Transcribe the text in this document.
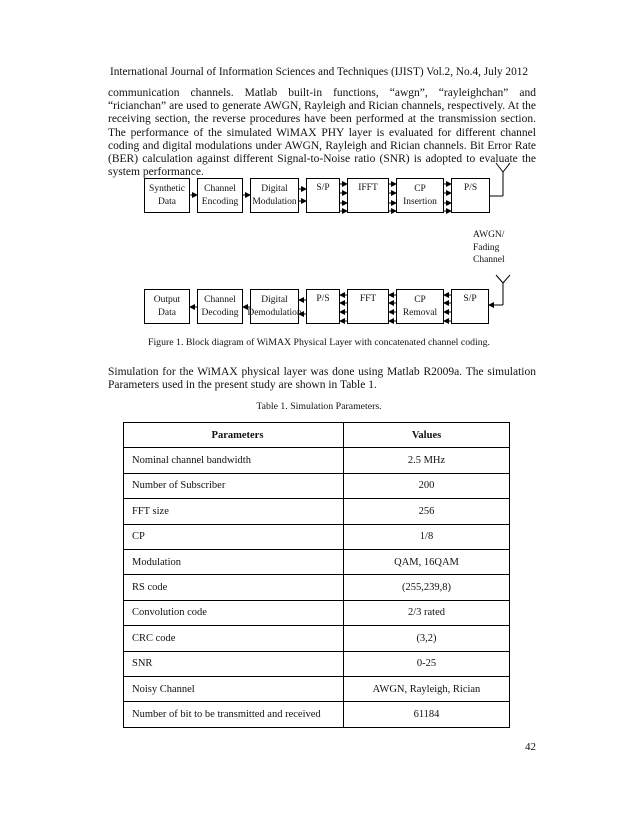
International Journal of Information Sciences and Techniques (IJIST) Vol.2, No.4, July 2012

communication channels. Matlab built-in functions, “awgn”, “rayleighchan” and “ricianchan” are used to generate AWGN, Rayleigh and Rician channels, respectively. At the receiving section, the reverse procedures have been performed at the transmission section. The performance of the simulated WiMAX PHY layer is evaluated for different channel coding and digital modulations under AWGN, Rayleigh and Rician channels. Bit Error Rate (BER) calculation against different Signal-to-Noise ratio (SNR) is adopted to evaluate the system performance.

Synthetic
Data
Channel
Encoding
Digital
Modulation
S/P	IFFT	CP
Insertion
P/S
AWGN/
Fading
Channel
Output
Data
Channel
Decoding
Digital
Demodulation
P/S	FFT	CP
Removal
S/P
Figure 1. Block diagram of WiMAX Physical Layer with concatenated channel coding.

Simulation for the WiMAX physical layer was done using Matlab R2009a. The simulation Parameters used in the present study are shown in Table 1.

Table 1. Simulation Parameters.
Parameters	Values
Nominal channel bandwidth	2.5 MHz
Number of Subscriber	200
FFT size	256
CP	1/8
Modulation	QAM, 16QAM
RS code	(255,239,8)
Convolution code	2/3 rated
CRC code	(3,2)
SNR	0-25
Noisy Channel	AWGN, Rayleigh, Rician
Number of bit to be transmitted and received	61184
42
